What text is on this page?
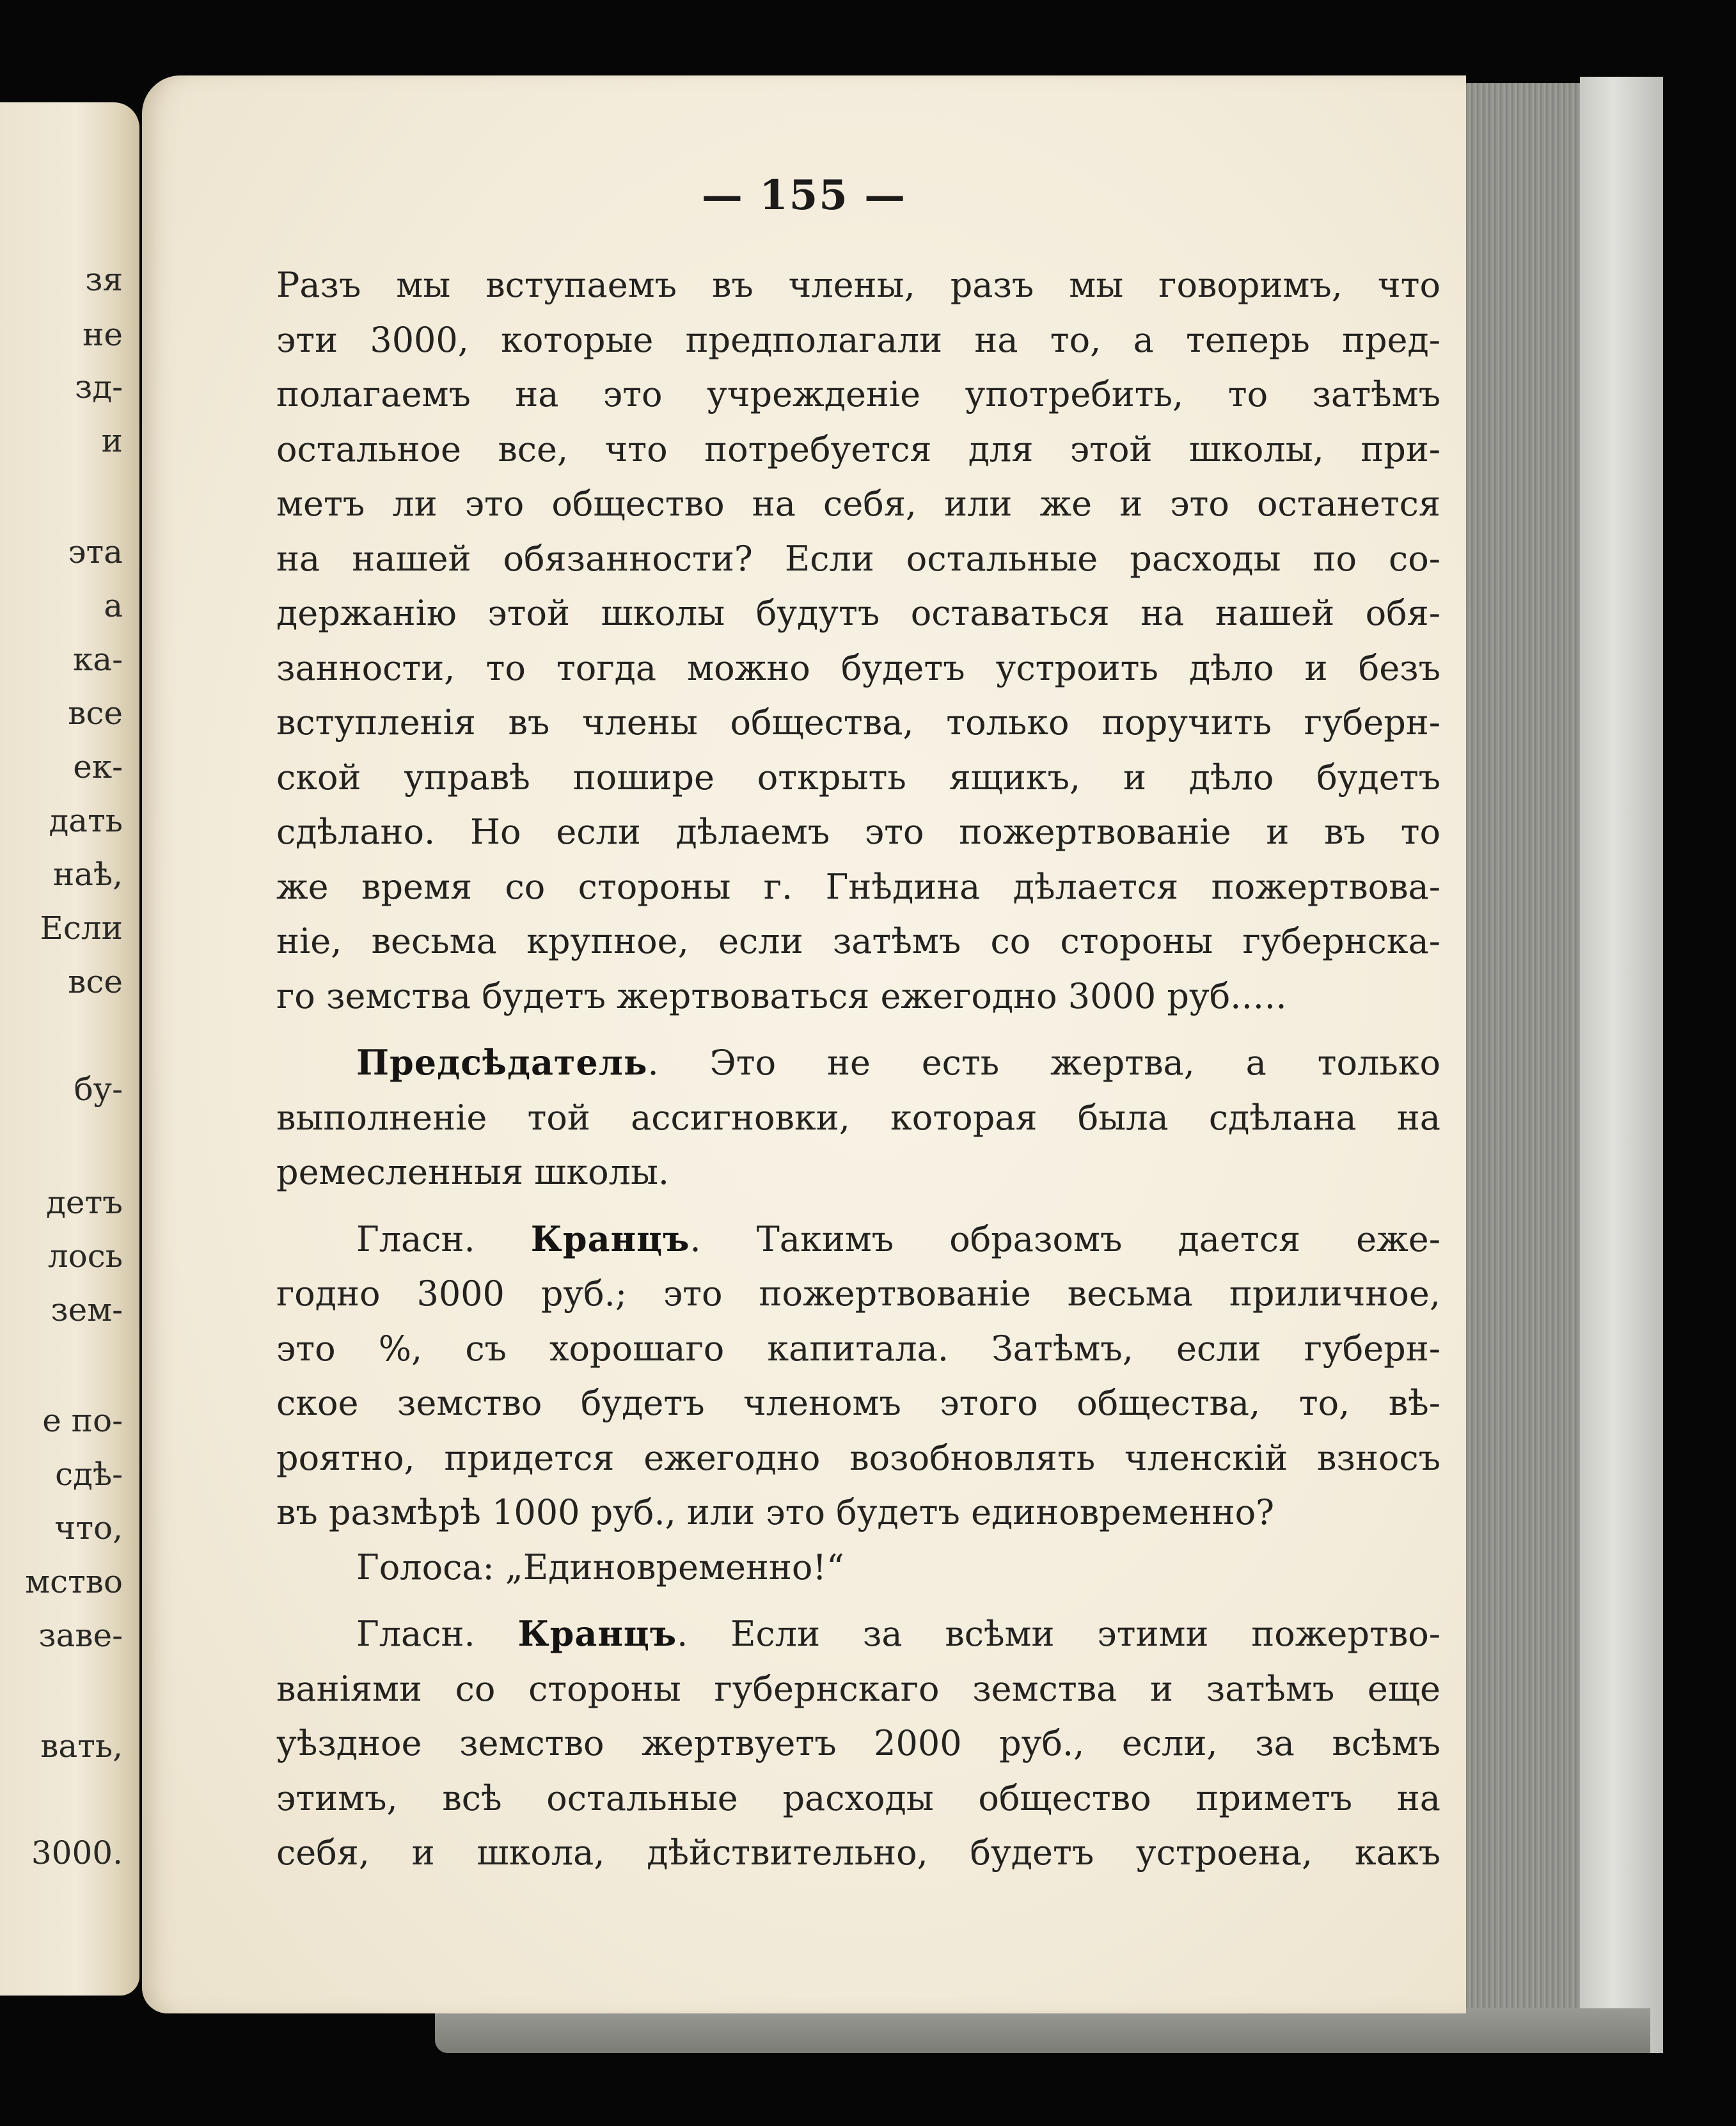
зя
не
зд-
и
эта
а
ка-
все
ек-
дать
наѣ,
Если
все
бу-
детъ
лось
зем-
е по-
сдѣ-
что,
мство
заве-
вать,
3000.
— 155 —
Разъ мы вступаемъ въ члены, разъ мы говоримъ, что
эти 3000, которые предполагали на то, а теперь пред-
полагаемъ на это учрежденіе употребить, то затѣмъ
остальное все, что потребуется для этой школы, при-
метъ ли это общество на себя, или же и это останется
на нашей обязанности? Если остальные расходы по со-
держанію этой школы будутъ оставаться на нашей обя-
занности, то тогда можно будетъ устроить дѣло и безъ
вступленія въ члены общества, только поручить губерн-
ской управѣ пошире открыть ящикъ, и дѣло будетъ
сдѣлано. Но если дѣлаемъ это пожертвованіе и въ то
же время со стороны г. Гнѣдина дѣлается пожертвова-
ніе, весьма крупное, если затѣмъ со стороны губернска-
го земства будетъ жертвоваться ежегодно 3000 руб.….
Предсѣдатель. Это не есть жертва, а только
выполненіе той ассигновки, которая была сдѣлана на
ремесленныя школы.
Гласн. Кранцъ. Такимъ образомъ дается еже-
годно 3000 руб.; это пожертвованіе весьма приличное,
это %, съ хорошаго капитала. Затѣмъ, если губерн-
ское земство будетъ членомъ этого общества, то, вѣ-
роятно, придется ежегодно возобновлять членскій взносъ
въ размѣрѣ 1000 руб., или это будетъ единовременно?
Голоса: „Единовременно!“
Гласн. Кранцъ. Если за всѣми этими пожертво-
ваніями со стороны губернскаго земства и затѣмъ еще
уѣздное земство жертвуетъ 2000 руб., если, за всѣмъ
этимъ, всѣ остальные расходы общество приметъ на
себя, и школа, дѣйствительно, будетъ устроена, какъ
